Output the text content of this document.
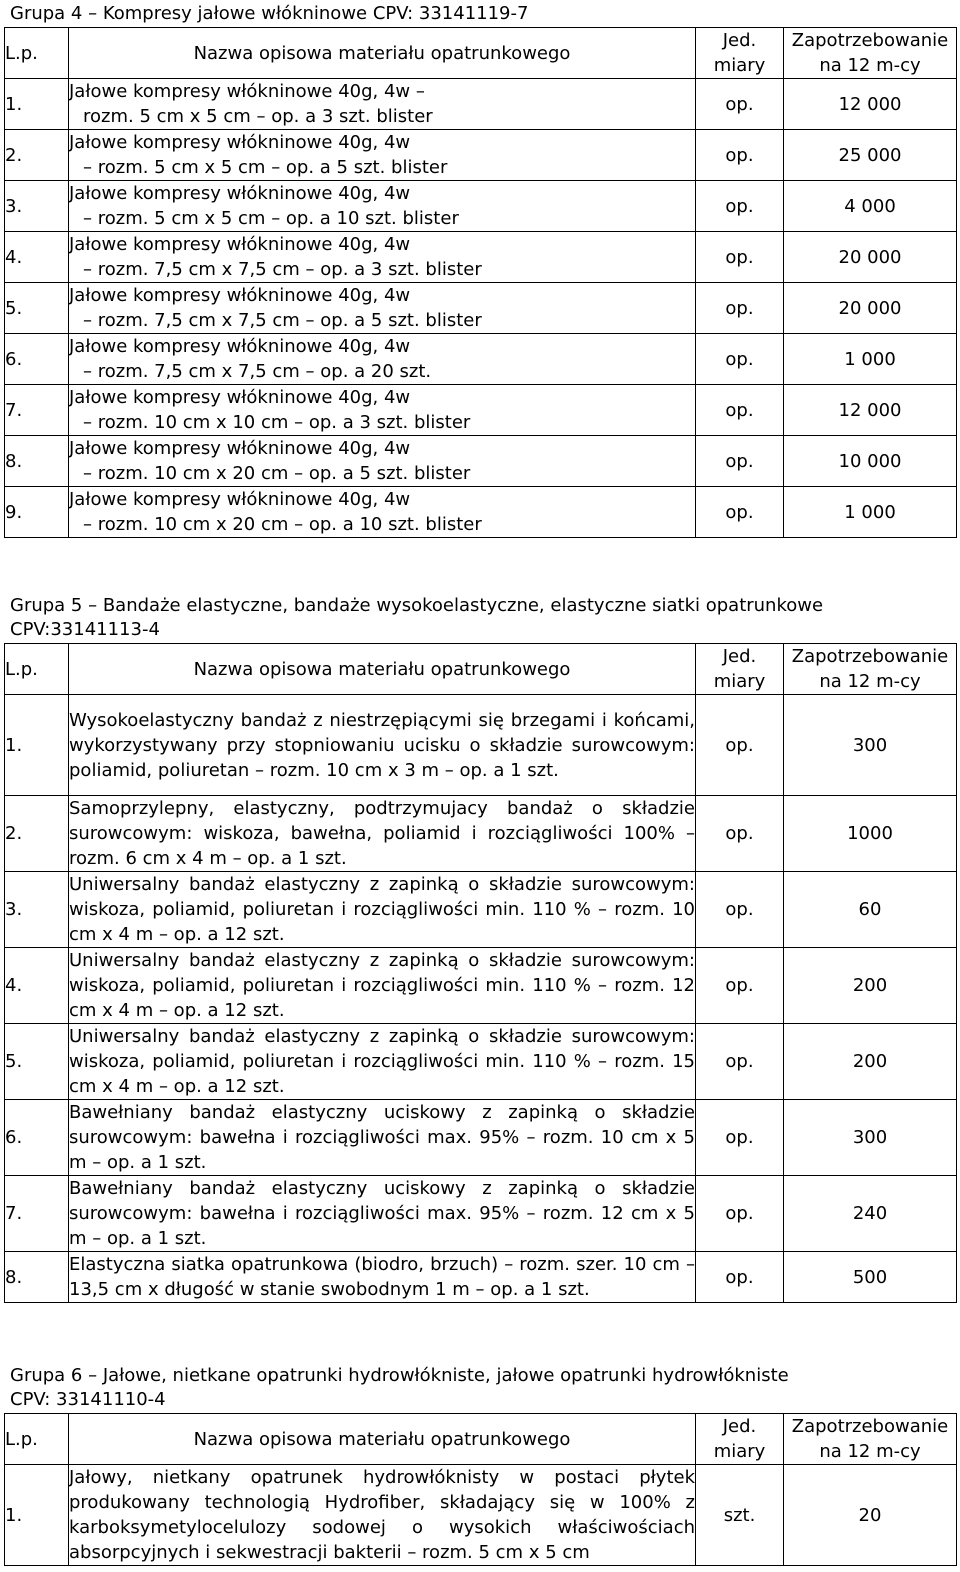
Grupa 4 – Kompresy jałowe włókninowe CPV: 33141119-7
L.p.	Nazwa opisowa materiału opatrunkowego	Jed.
miary	Zapotrzebowanie
na 12 m-cy
1.	Jałowe kompresy włókninowe 40g, 4w –
rozm. 5 cm x 5 cm – op. a 3 szt. blister	op.	12 000
2.	Jałowe kompresy włókninowe 40g, 4w
– rozm. 5 cm x 5 cm – op. a 5 szt. blister	op.	25 000
3.	Jałowe kompresy włókninowe 40g, 4w
– rozm. 5 cm x 5 cm – op. a 10 szt. blister	op.	4 000
4.	Jałowe kompresy włókninowe 40g, 4w
– rozm. 7,5 cm x 7,5 cm – op. a 3 szt. blister	op.	20 000
5.	Jałowe kompresy włókninowe 40g, 4w
– rozm. 7,5 cm x 7,5 cm – op. a 5 szt. blister	op.	20 000
6.	Jałowe kompresy włókninowe 40g, 4w
– rozm. 7,5 cm x 7,5 cm – op. a 20 szt.	op.	1 000
7.	Jałowe kompresy włókninowe 40g, 4w
– rozm. 10 cm x 10 cm – op. a 3 szt. blister	op.	12 000
8.	Jałowe kompresy włókninowe 40g, 4w
– rozm. 10 cm x 20 cm – op. a 5 szt. blister	op.	10 000
9.	Jałowe kompresy włókninowe 40g, 4w
– rozm. 10 cm x 20 cm – op. a 10 szt. blister	op.	1 000
Grupa 5 – Bandaże elastyczne, bandaże wysokoelastyczne, elastyczne siatki opatrunkowe
CPV:33141113-4
L.p.	Nazwa opisowa materiału opatrunkowego	Jed.
miary	Zapotrzebowanie
na 12 m-cy
1.	Wysokoelastyczny bandaż z niestrzępiącymi się brzegami i końcami, wykorzystywany przy stopniowaniu ucisku o składzie surowcowym: poliamid, poliuretan – rozm. 10 cm x 3 m – op. a 1 szt.	op.	300
2.	Samoprzylepny, elastyczny, podtrzymujacy bandaż o składzie surowcowym: wiskoza, bawełna, poliamid i rozciągliwości 100% – rozm. 6 cm x 4 m – op. a 1 szt.	op.	1000
3.	Uniwersalny bandaż elastyczny z zapinką o składzie surowcowym: wiskoza, poliamid, poliuretan i rozciągliwości min. 110 % – rozm. 10 cm x 4 m – op. a 12 szt.	op.	60
4.	Uniwersalny bandaż elastyczny z zapinką o składzie surowcowym: wiskoza, poliamid, poliuretan i rozciągliwości min. 110 % – rozm. 12 cm x 4 m – op. a 12 szt.	op.	200
5.	Uniwersalny bandaż elastyczny z zapinką o składzie surowcowym: wiskoza, poliamid, poliuretan i rozciągliwości min. 110 % – rozm. 15 cm x 4 m – op. a 12 szt.	op.	200
6.	Bawełniany bandaż elastyczny uciskowy z zapinką o składzie surowcowym: bawełna i rozciągliwości max. 95% – rozm. 10 cm x 5 m – op. a 1 szt.	op.	300
7.	Bawełniany bandaż elastyczny uciskowy z zapinką o składzie surowcowym: bawełna i rozciągliwości max. 95% – rozm. 12 cm x 5 m – op. a 1 szt.	op.	240
8.	Elastyczna siatka opatrunkowa (biodro, brzuch) – rozm. szer. 10 cm – 13,5 cm x długość w stanie swobodnym 1 m – op. a 1 szt.	op.	500
Grupa 6 – Jałowe, nietkane opatrunki hydrowłókniste, jałowe opatrunki hydrowłókniste
CPV: 33141110-4
L.p.	Nazwa opisowa materiału opatrunkowego	Jed.
miary	Zapotrzebowanie
na 12 m-cy
1.	Jałowy, nietkany opatrunek hydrowłóknisty w postaci płytek produkowany technologią Hydrofiber, składający się w 100% z karboksymetylocelulozy sodowej o wysokich właściwościach absorpcyjnych i sekwestracji bakterii – rozm. 5 cm x 5 cm	szt.	20
